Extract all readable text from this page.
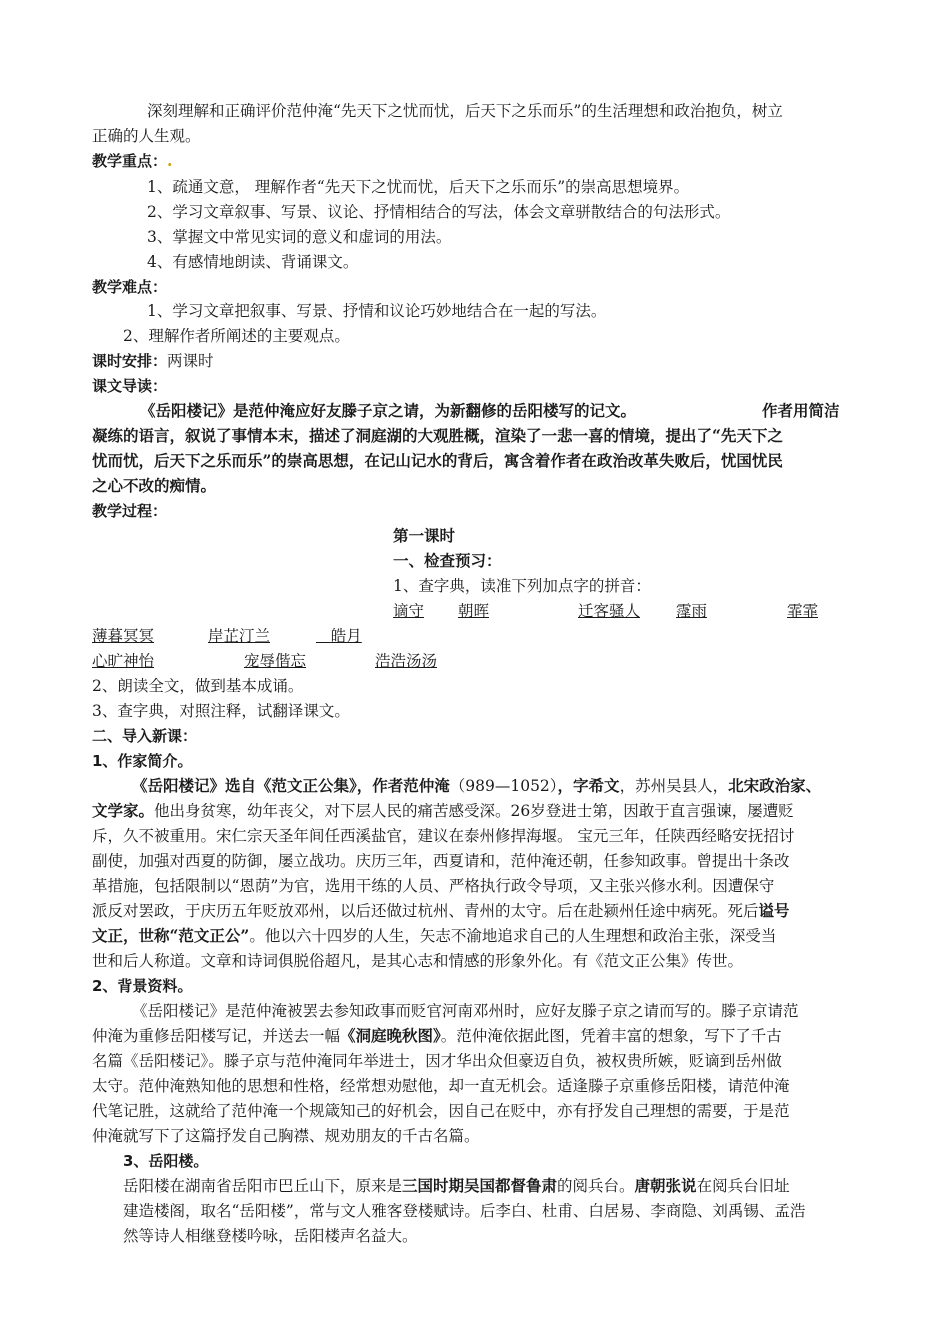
深刻理解和正确评价范仲淹“先天下之忧而忧，后天下之乐而乐”的生活理想和政治抱负，树立
正确的人生观。
教学重点：.
1、疏通文意， 理解作者“先天下之忧而忧，后天下之乐而乐”的崇高思想境界。
2、学习文章叙事、写景、议论、抒情相结合的写法，体会文章骈散结合的句法形式。
3、掌握文中常见实词的意义和虚词的用法。
4、有感情地朗读、背诵课文。
教学难点：
1、学习文章把叙事、写景、抒情和议论巧妙地结合在一起的写法。
2、理解作者所阐述的主要观点。
课时安排：两课时
课文导读：
《岳阳楼记》是范仲淹应好友滕子京之请，为新翻修的岳阳楼写的记文。	作者用简洁
凝练的语言，叙说了事情本末，描述了洞庭湖的大观胜概，渲染了一悲一喜的情境，提出了“先天下之
忧而忧，后天下之乐而乐”的崇高思想，在记山记水的背后，寓含着作者在政治改革失败后，忧国忧民
之心不改的痴情。
教学过程：
第一课时
一、检查预习：
1、查字典，读准下列加点字的拼音：
谪守 朝晖	迁客骚人 霪雨	霏霏
薄暮冥冥	岸芷汀兰	皓月
心旷神怡	宠辱偕忘	浩浩汤汤
2、朗读全文，做到基本成诵。
3、查字典，对照注释，试翻译课文。
二、导入新课：
1、作家简介。
《岳阳楼记》选自《范文正公集》，作者范仲淹（989—1052），字希文，苏州吴县人，北宋政治家、
文学家。他出身贫寒，幼年丧父，对下层人民的痛苦感受深。26岁登进士第，因敢于直言强谏，屡遭贬
斥，久不被重用。宋仁宗天圣年间任西溪盐官，建议在泰州修捍海堰。 宝元三年，任陕西经略安抚招讨
副使，加强对西夏的防御，屡立战功。庆历三年，西夏请和，范仲淹还朝，任参知政事。曾提出十条改
革措施，包括限制以“恩荫”为官，选用干练的人员、严格执行政令导项，又主张兴修水利。因遭保守
派反对罢政，于庆历五年贬放邓州，以后还做过杭州、青州的太守。后在赴颍州任途中病死。死后谥号
文正，世称“范文正公”。他以六十四岁的人生，矢志不渝地追求自己的人生理想和政治主张，深受当
世和后人称道。文章和诗词俱脱俗超凡，是其心志和情感的形象外化。有《范文正公集》传世。
2、背景资料。
《岳阳楼记》是范仲淹被罢去参知政事而贬官河南邓州时，应好友滕子京之请而写的。滕子京请范
仲淹为重修岳阳楼写记，并送去一幅《洞庭晚秋图》。范仲淹依据此图，凭着丰富的想象，写下了千古
名篇《岳阳楼记》。滕子京与范仲淹同年举进士，因才华出众但豪迈自负，被权贵所嫉，贬谪到岳州做
太守。范仲淹熟知他的思想和性格，经常想劝慰他，却一直无机会。适逢滕子京重修岳阳楼，请范仲淹
代笔记胜，这就给了范仲淹一个规箴知己的好机会，因自己在贬中，亦有抒发自己理想的需要，于是范
仲淹就写下了这篇抒发自己胸襟、规劝朋友的千古名篇。
3、岳阳楼。
岳阳楼在湖南省岳阳市巴丘山下，原来是三国时期吴国都督鲁肃的阅兵台。唐朝张说在阅兵台旧址
建造楼阁，取名“岳阳楼”，常与文人雅客登楼赋诗。后李白、杜甫、白居易、李商隐、刘禹锡、孟浩
然等诗人相继登楼吟咏，岳阳楼声名益大。
